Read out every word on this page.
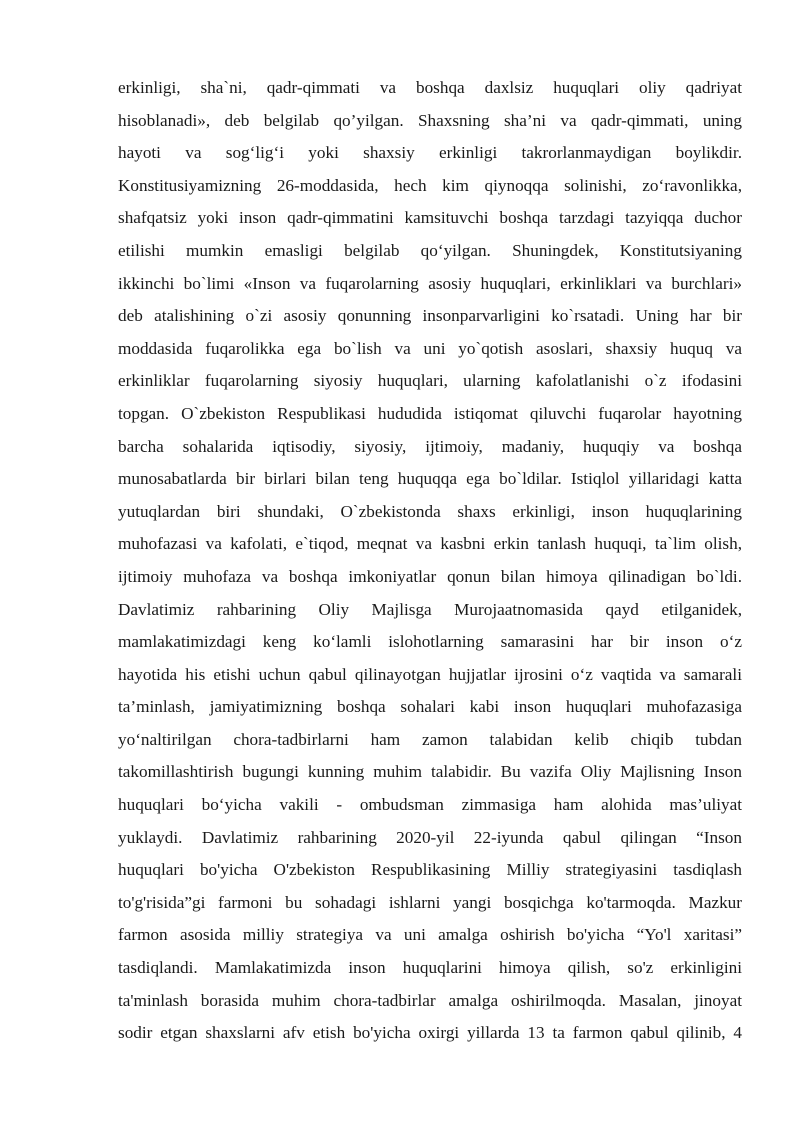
erkinligi, sha`ni, qadr-qimmati va boshqa daxlsiz huquqlari oliy qadriyat
hisoblanadi», deb belgilab qo’yilgan. Shaxsning sha’ni va qadr-qimmati, uning
hayoti va sog‘lig‘i yoki shaxsiy erkinligi takrorlanmaydigan boylikdir.
Konstitusiyamizning 26-moddasida, hech kim qiynoqqa solinishi, zo‘ravonlikka,
shafqatsiz yoki inson qadr-qimmatini kamsituvchi boshqa tarzdagi tazyiqqa duchor
etilishi mumkin emasligi belgilab qo‘yilgan. Shuningdek, Konstitutsiyaning
ikkinchi bo`limi «Inson va fuqarolarning asosiy huquqlari, erkinliklari va burchlari»
deb atalishining o`zi asosiy qonunning insonparvarligini ko`rsatadi. Uning har bir
moddasida fuqarolikka ega bo`lish va uni yo`qotish asoslari, shaxsiy huquq va
erkinliklar fuqarolarning siyosiy huquqlari, ularning kafolatlanishi o`z ifodasini
topgan. O`zbekiston Respublikasi hududida istiqomat qiluvchi fuqarolar hayotning
barcha sohalarida iqtisodiy, siyosiy, ijtimoiy, madaniy, huquqiy va boshqa
munosabatlarda bir birlari bilan teng huquqqa ega bo`ldilar. Istiqlol yillaridagi katta
yutuqlardan biri shundaki, O`zbekistonda shaxs erkinligi, inson huquqlarining
muhofazasi va kafolati, e`tiqod, meqnat va kasbni erkin tanlash huquqi, ta`lim olish,
ijtimoiy muhofaza va boshqa imkoniyatlar qonun bilan himoya qilinadigan bo`ldi.
Davlatimiz rahbarining Oliy Majlisga Murojaatnomasida qayd etilganidek,
mamlakatimizdagi keng ko‘lamli islohotlarning samarasini har bir inson o‘z
hayotida his etishi uchun qabul qilinayotgan hujjatlar ijrosini o‘z vaqtida va samarali
ta’minlash, jamiyatimizning boshqa sohalari kabi inson huquqlari muhofazasiga
yo‘naltirilgan chora-tadbirlarni ham zamon talabidan kelib chiqib tubdan
takomillashtirish bugungi kunning muhim talabidir. Bu vazifa Oliy Majlisning Inson
huquqlari bo‘yicha vakili - ombudsman zimmasiga ham alohida mas’uliyat
yuklaydi. Davlatimiz rahbarining 2020-yil 22-iyunda qabul qilingan “Inson
huquqlari bo'yicha O'zbekiston Respublikasining Milliy strategiyasini tasdiqlash
to'g'risida”gi farmoni bu sohadagi ishlarni yangi bosqichga ko'tarmoqda. Mazkur
farmon asosida milliy strategiya va uni amalga oshirish bo'yicha “Yo'l xaritasi”
tasdiqlandi. Mamlakatimizda inson huquqlarini himoya qilish, so'z erkinligini
ta'minlash borasida muhim chora-tadbirlar amalga oshirilmoqda. Masalan, jinoyat
sodir etgan shaxslarni afv etish bo'yicha oxirgi yillarda 13 ta farmon qabul qilinib, 4
